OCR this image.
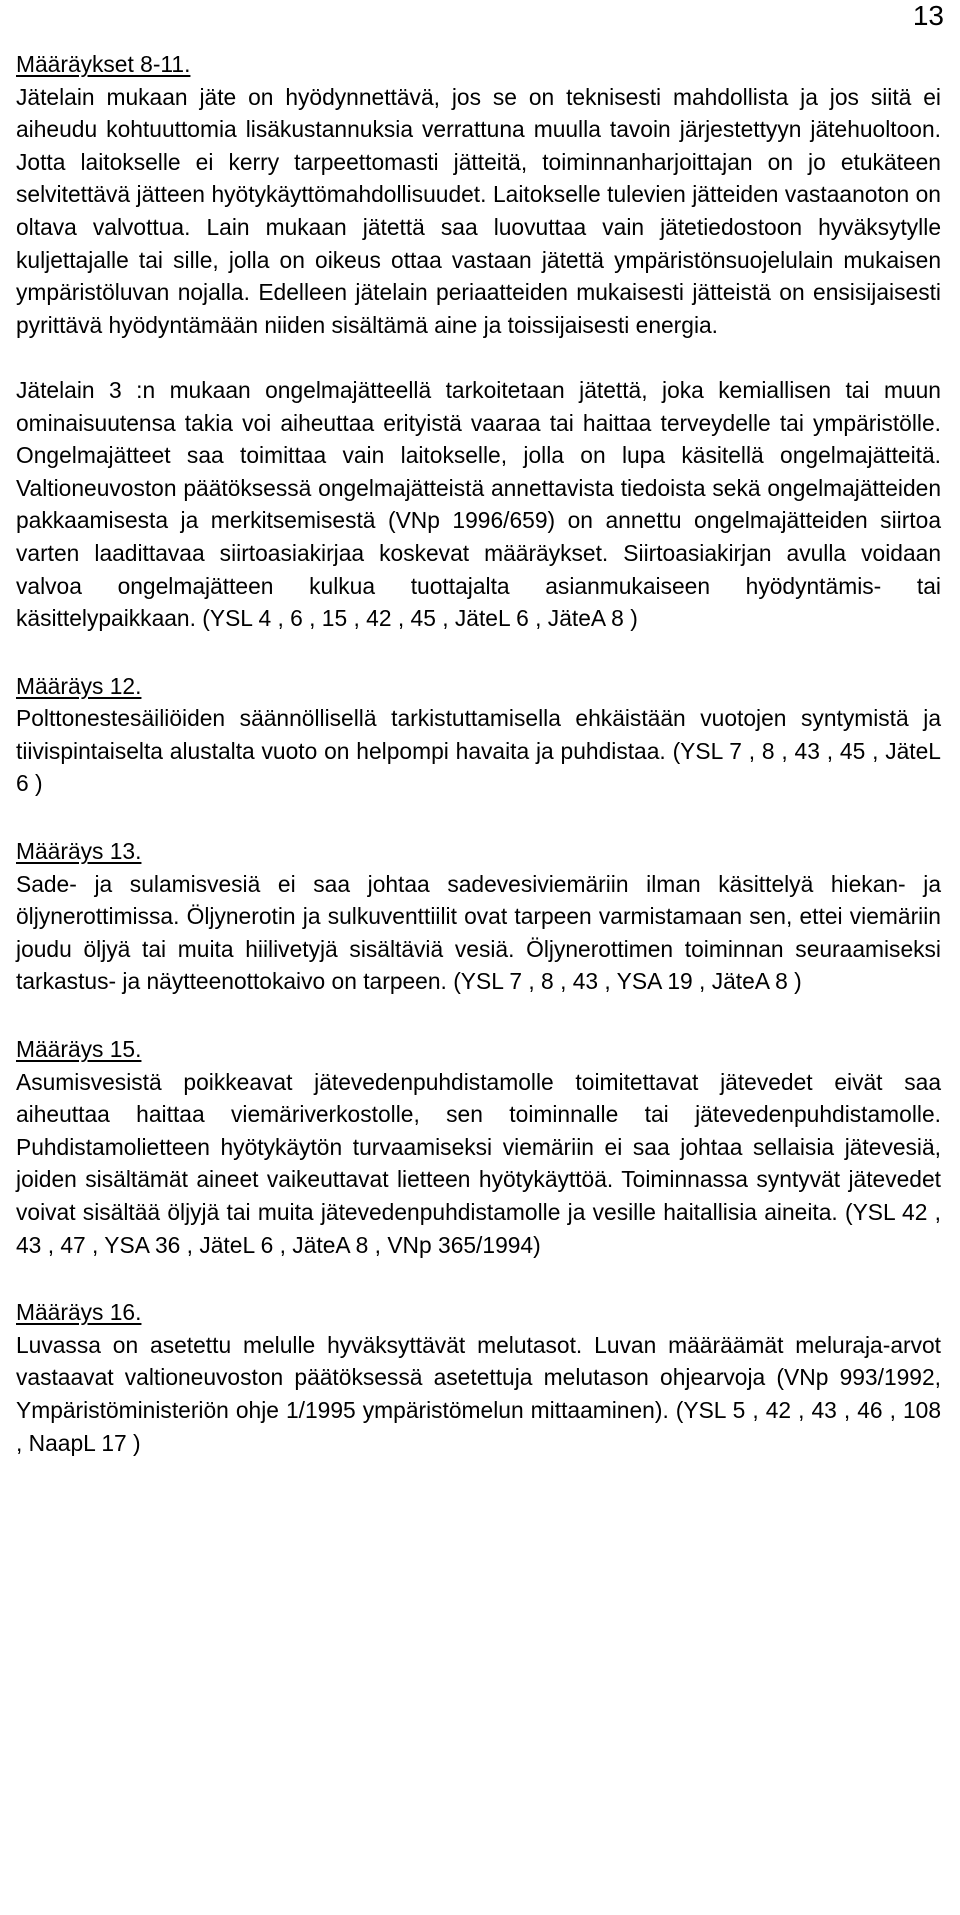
13

Määräykset 8-11.

Jätelain mukaan jäte on hyödynnettävä, jos se on teknisesti mahdollista ja jos siitä ei aiheudu kohtuuttomia lisäkustannuksia verrattuna muulla tavoin järjestettyyn jätehuoltoon. Jotta laitokselle ei kerry tarpeettomasti jätteitä, toiminnanharjoittajan on jo etukäteen selvitettävä jätteen hyötykäyttömahdollisuudet. Laitokselle tulevien jätteiden vastaanoton on oltava valvottua. Lain mukaan jätettä saa luovuttaa vain jätetiedostoon hyväksytylle kuljettajalle tai sille, jolla on oikeus ottaa vastaan jätettä ympäristönsuojelulain mukaisen ympäristöluvan nojalla. Edelleen jätelain periaatteiden mukaisesti jätteistä on ensisijaisesti pyrittävä hyödyntämään niiden sisältämä aine ja toissijaisesti energia.

Jätelain 3 :n mukaan ongelmajätteellä tarkoitetaan jätettä, joka kemiallisen tai muun ominaisuutensa takia voi aiheuttaa erityistä vaaraa tai haittaa terveydelle tai ympäristölle. Ongelmajätteet saa toimittaa vain laitokselle, jolla on lupa käsitellä ongelmajätteitä. Valtioneuvoston päätöksessä ongelmajätteistä annettavista tiedoista sekä ongelmajätteiden pakkaamisesta ja merkitsemisestä (VNp 1996/659) on annettu ongelmajätteiden siirtoa varten laadittavaa siirtoasiakirjaa koskevat määräykset. Siirtoasiakirjan avulla voidaan valvoa ongelmajätteen kulkua tuottajalta asianmukaiseen hyödyntämis- tai käsittelypaikkaan. (YSL 4 , 6 , 15 , 42 , 45 , JäteL 6 , JäteA 8 )

Määräys 12.

Polttonestesäiliöiden säännöllisellä tarkistuttamisella ehkäistään vuotojen syntymistä ja tiivispintaiselta alustalta vuoto on helpompi havaita ja puhdistaa. (YSL 7 , 8 , 43 , 45 , JäteL 6 )

Määräys 13.

Sade- ja sulamisvesiä ei saa johtaa sadevesiviemäriin ilman käsittelyä hiekan- ja öljynerottimissa. Öljynerotin ja sulkuventtiilit ovat tarpeen varmistamaan sen, ettei viemäriin joudu öljyä tai muita hiilivetyjä sisältäviä vesiä. Öljynerottimen toiminnan seuraamiseksi tarkastus- ja näytteenottokaivo on tarpeen. (YSL 7 , 8 , 43 , YSA 19 , JäteA 8 )

Määräys 15.

Asumisvesistä poikkeavat jätevedenpuhdistamolle toimitettavat jätevedet eivät saa aiheuttaa haittaa viemäriverkostolle, sen toiminnalle tai jätevedenpuhdistamolle. Puhdistamolietteen hyötykäytön turvaamiseksi viemäriin ei saa johtaa sellaisia jätevesiä, joiden sisältämät aineet vaikeuttavat lietteen hyötykäyttöä. Toiminnassa syntyvät jätevedet voivat sisältää öljyjä tai muita jätevedenpuhdistamolle ja vesille haitallisia aineita. (YSL 42 , 43 , 47 , YSA 36 , JäteL 6 , JäteA 8 , VNp 365/1994)

Määräys 16.

Luvassa on asetettu melulle hyväksyttävät melutasot. Luvan määräämät meluraja-arvot vastaavat valtioneuvoston päätöksessä asetettuja melutason ohjearvoja (VNp 993/1992, Ympäristöministeriön ohje 1/1995 ympäristömelun mittaaminen). (YSL 5 , 42 , 43 , 46 , 108 , NaapL 17 )
